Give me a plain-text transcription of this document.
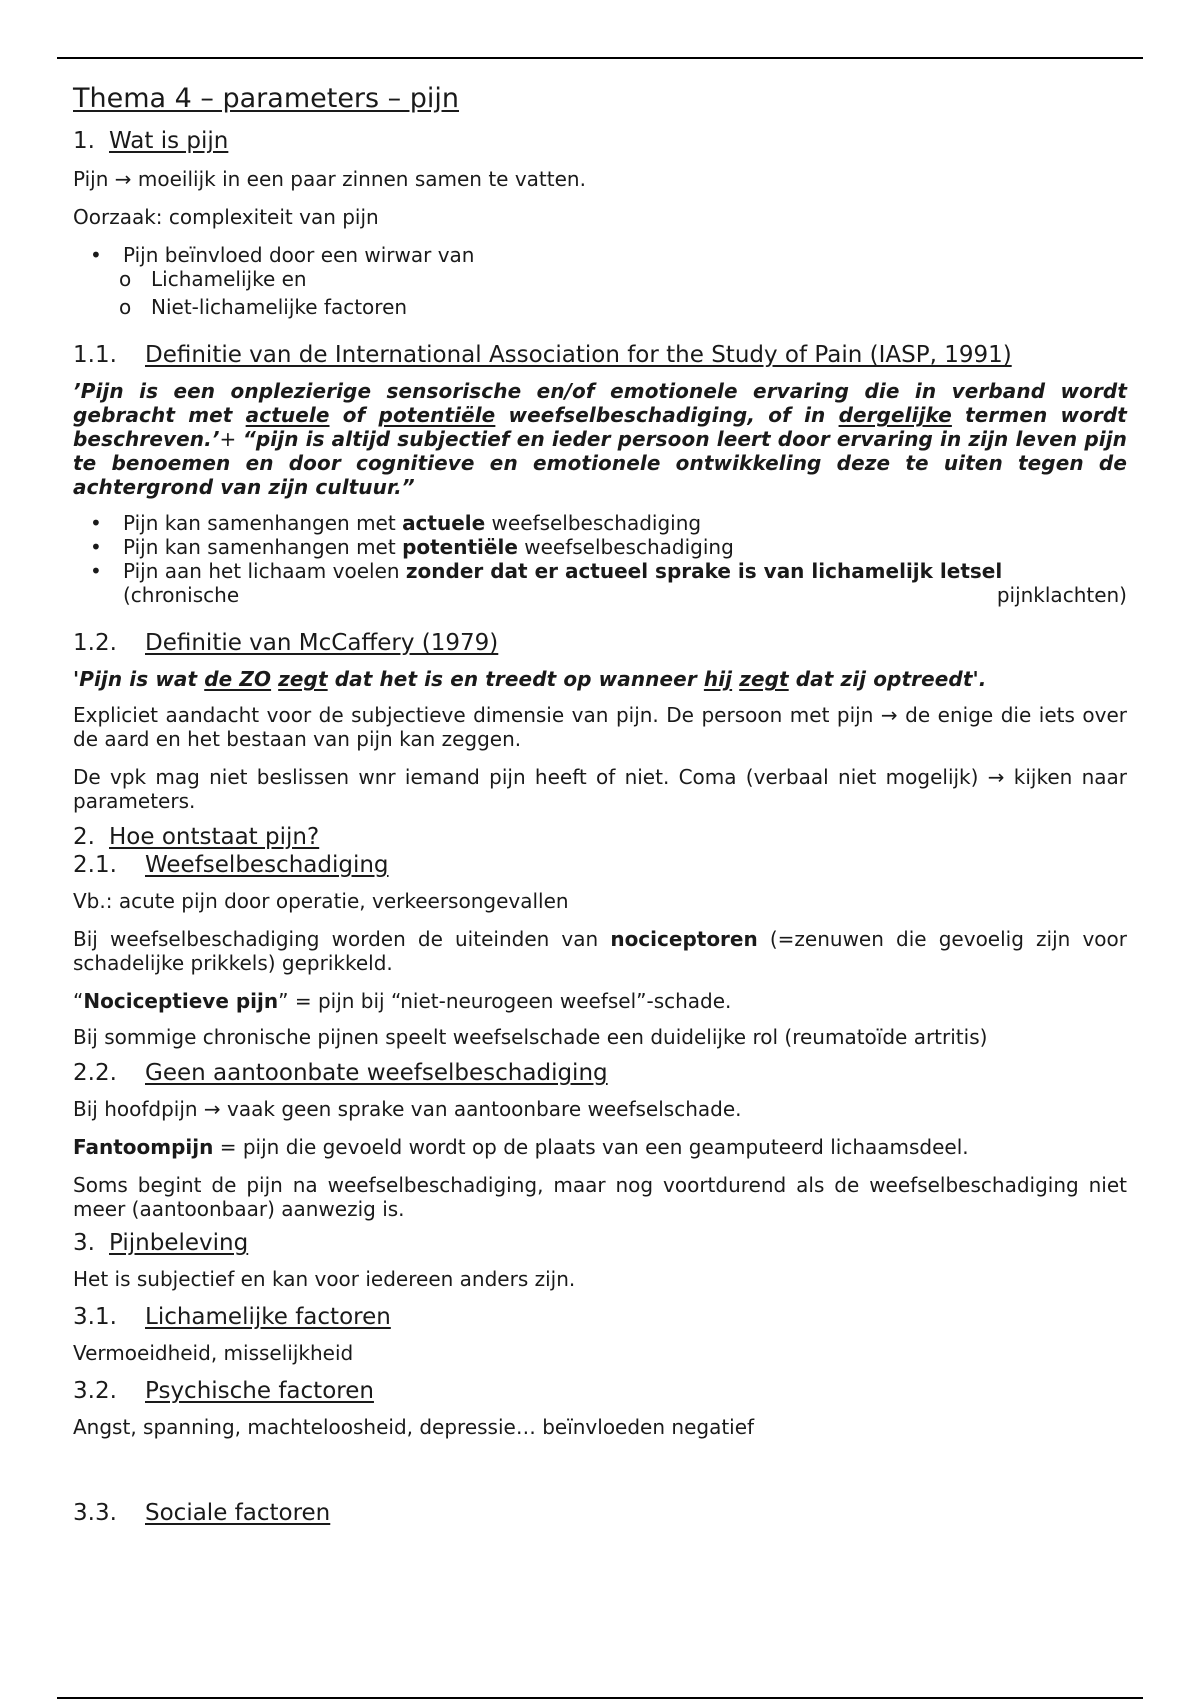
Thema 4 – parameters – pijn
1. Wat is pijn

Pijn → moeilijk in een paar zinnen samen te vatten.

Oorzaak: complexiteit van pijn

• Pijn beïnvloed door een wirwar van
o Lichamelijke en
o Niet-lichamelijke factoren
1.1. Definitie van de International Association for the Study of Pain (IASP, 1991)

’Pijn is een onplezierige sensorische en/of emotionele ervaring die in verband wordt gebracht met actuele of potentiële weefselbeschadiging, of in dergelijke termen wordt beschreven.’+ “pijn is altijd subjectief en ieder persoon leert door ervaring in zijn leven pijn te benoemen en door cognitieve en emotionele ontwikkeling deze te uiten tegen de achtergrond van zijn cultuur.”

• Pijn kan samenhangen met actuele weefselbeschadiging
• Pijn kan samenhangen met potentiële weefselbeschadiging
• Pijn aan het lichaam voelen zonder dat er actueel sprake is van lichamelijk letsel
(chronische	pijnklachten)
1.2. Definitie van McCaffery (1979)

'Pijn is wat de ZO zegt dat het is en treedt op wanneer hij zegt dat zij optreedt'.

Expliciet aandacht voor de subjectieve dimensie van pijn. De persoon met pijn → de enige die iets over de aard en het bestaan van pijn kan zeggen.

De vpk mag niet beslissen wnr iemand pijn heeft of niet. Coma (verbaal niet mogelijk) → kijken naar parameters.

2. Hoe ontstaat pijn?
2.1. Weefselbeschadiging

Vb.: acute pijn door operatie, verkeersongevallen

Bij weefselbeschadiging worden de uiteinden van nociceptoren (=zenuwen die gevoelig zijn voor schadelijke prikkels) geprikkeld.

“Nociceptieve pijn” = pijn bij “niet-neurogeen weefsel”-schade.

Bij sommige chronische pijnen speelt weefselschade een duidelijke rol (reumatoïde artritis)

2.2. Geen aantoonbate weefselbeschadiging

Bij hoofdpijn → vaak geen sprake van aantoonbare weefselschade.

Fantoompijn = pijn die gevoeld wordt op de plaats van een geamputeerd lichaamsdeel.

Soms begint de pijn na weefselbeschadiging, maar nog voortdurend als de weefselbeschadiging niet meer (aantoonbaar) aanwezig is.

3. Pijnbeleving

Het is subjectief en kan voor iedereen anders zijn.

3.1. Lichamelijke factoren

Vermoeidheid, misselijkheid

3.2. Psychische factoren

Angst, spanning, machteloosheid, depressie… beïnvloeden negatief

3.3. Sociale factoren
